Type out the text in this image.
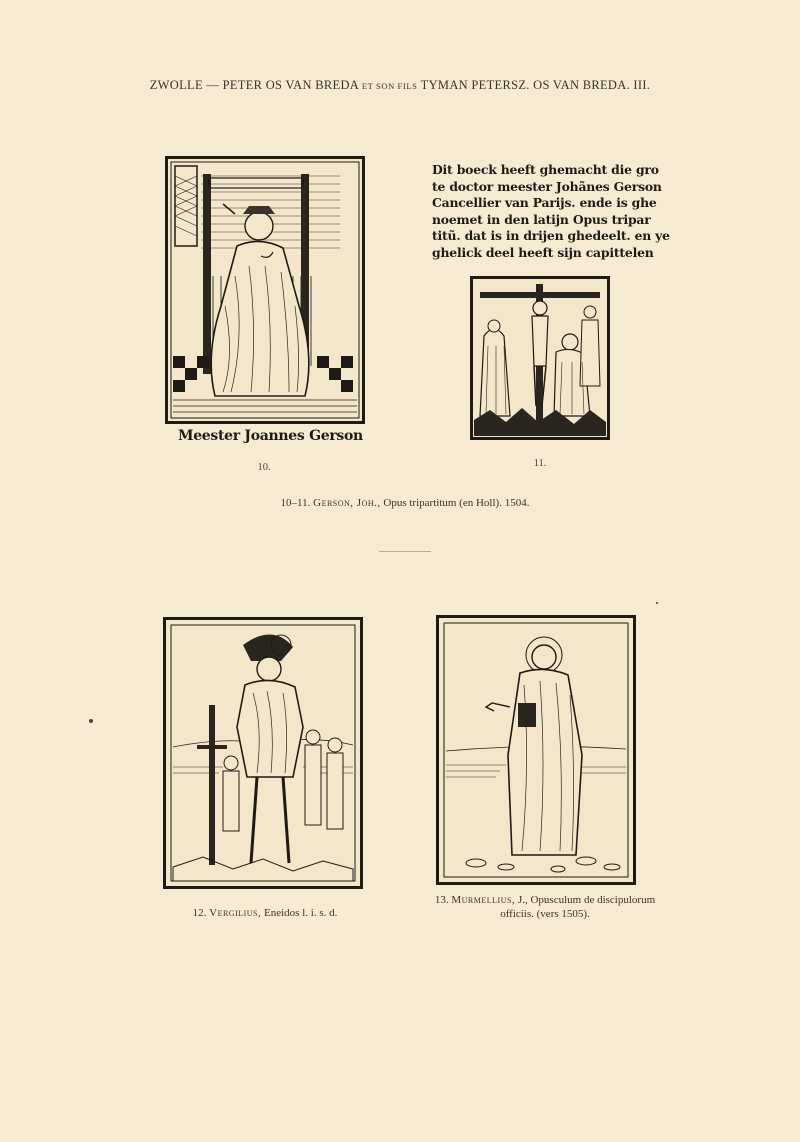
ZWOLLE — PETER OS VAN BREDA ET SON FILS TYMAN PETERSZ. OS VAN BREDA. III.
Meester Joannes Gerson
10.
Dit boeck heeft ghemacht die gro
te doctor meester Johãnes Gerson
Cancellier van Parijs. ende is ghe
noemet in den latijn Opus tripar
titũ. dat is in drijen ghedeelt. en ye
ghelick deel heeft sijn capittelen
11.
10–11. Gerson, Joh., Opus tripartitum (en Holl). 1504.
12. Vergilius, Eneidos l. i. s. d.
13. Murmellius, J., Opusculum de discipulorum
officiis. (vers 1505).
